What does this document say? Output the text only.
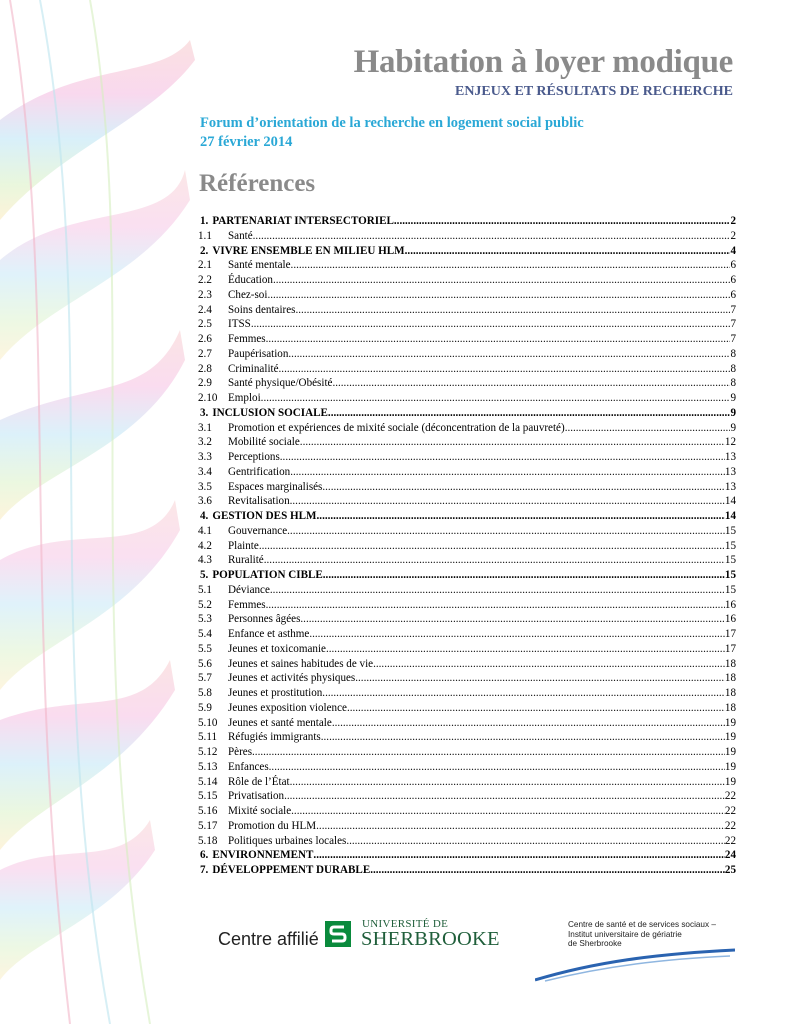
Habitation à loyer modique
ENJEUX ET RÉSULTATS DE RECHERCHE
Forum d’orientation de la recherche en logement social public
27 février 2014
Références
1. PARTENARIAT INTERSECTORIEL .....	2
1.1	Santé .....	2
2. VIVRE ENSEMBLE EN MILIEU HLM .....	4
2.1	Santé mentale .....	6
2.2	Éducation .....	6
2.3	Chez-soi .....	6
2.4	Soins dentaires .....	7
2.5	ITSS .....	7
2.6	Femmes .....	7
2.7	Paupérisation .....	8
2.8	Criminalité .....	8
2.9	Santé physique/Obésité .....	8
2.10 Emploi .....	9
3. INCLUSION SOCIALE .....	9
3.1	Promotion et expériences de mixité sociale (déconcentration de la pauvreté) .....	9
3.2	Mobilité sociale .....	12
3.3	Perceptions .....	13
3.4	Gentrification .....	13
3.5	Espaces marginalisés .....	13
3.6	Revitalisation .....	14
4. GESTION DES HLM .....	14
4.1	Gouvernance .....	15
4.2	Plainte .....	15
4.3	Ruralité .....	15
5. POPULATION CIBLE .....	15
5.1	Déviance .....	15
5.2	Femmes .....	16
5.3	Personnes âgées .....	16
5.4	Enfance et asthme .....	17
5.5	Jeunes et toxicomanie .....	17
5.6	Jeunes et saines habitudes de vie .....	18
5.7	Jeunes et activités physiques .....	18
5.8	Jeunes et prostitution .....	18
5.9	Jeunes exposition violence .....	18
5.10 Jeunes et santé mentale .....	19
5.11 Réfugiés immigrants .....	19
5.12 Pères .....	19
5.13 Enfances .....	19
5.14 Rôle de l’État .....	19
5.15 Privatisation .....	22
5.16 Mixité sociale .....	22
5.17 Promotion du HLM .....	22
5.18 Politiques urbaines locales .....	22
6. ENVIRONNEMENT .....	24
7. DÉVELOPPEMENT DURABLE .....	25
Centre affilié
UNIVERSITÉ DE
SHERBROOKE
Centre de santé et de services sociaux –
Institut universitaire de gériatrie
de Sherbrooke
